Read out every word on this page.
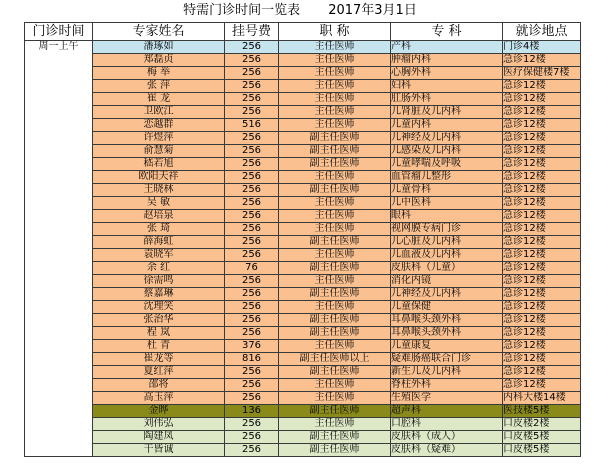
特需门诊时间一览表 2017年3月1日
门诊时间	专家姓名	挂号费	职 称	专 科	就诊地点
周一上午	潘琢如	256	主任医师	产科	门诊4楼
	郑磊贞	256	主任医师	肿瘤内科	急诊12楼
	梅 举	256	主任医师	心胸外科	医疗保健楼7楼
	张 萍	256	主任医师	妇科	急诊12楼
	崔 龙	256	主任医师	肛肠外科	急诊12楼
	卫欧江	256	主任医师	儿肾脏及儿内科	急诊12楼
	恋越群	516	主任医师	儿童内科	急诊12楼
	许煜萍	256	副主任医师	儿神经及儿内科	急诊12楼
	俞慧菊	256	副主任医师	儿感染及儿内科	急诊12楼
	嵇若旭	256	副主任医师	儿童哮喘及呼吸	急诊12楼
	欧阳天祥	256	主任医师	血管瘤儿整形	急诊12楼
	王晓林	256	副主任医师	儿童骨科	急诊12楼
	吴 敏	256	主任医师	儿中医科	急诊12楼
	赵培泉	256	主任医师	眼科	急诊12楼
	张 琦	256	主任医师	视网膜专病门诊	急诊12楼
	薛海虹	256	副主任医师	儿心脏及儿内科	急诊12楼
	袁晓军	256	主任医师	儿血液及儿内科	急诊12楼
	余 红	76	副主任医师	皮肤科（儿童）	急诊12楼
	徐需鸣	256	主任医师	消化内镜	急诊12楼
	蔡嘉琳	256	副主任医师	儿神经及儿内科	急诊12楼
	沈理笑	256	主任医师	儿童保健	急诊12楼
	张治华	256	副主任医师	耳鼻喉头颈外科	急诊12楼
	程 岚	256	副主任医师	耳鼻喉头颈外科	急诊12楼
	杜 青	376	主任医师	儿童康复	急诊12楼
	崔龙等	816	副主任医师以上	疑难肠癌联合门诊	急诊12楼
	夏红萍	256	副主任医师	新生儿及儿内科	急诊12楼
	邵将	256	主任医师	脊柱外科	急诊12楼
	高玉萍	256	主任医师	生殖医学	内科大楼14楼
	金晔	136	副主任医师	超声科	医技楼5楼
	刘伟弘	256	主任医师	口腔科	口皮楼2楼
	陶建凤	256	副主任医师	皮肤科（成人）	口皮楼5楼
	干皆诚	256	副主任医师	皮肤科（疑难）	口皮楼5楼
